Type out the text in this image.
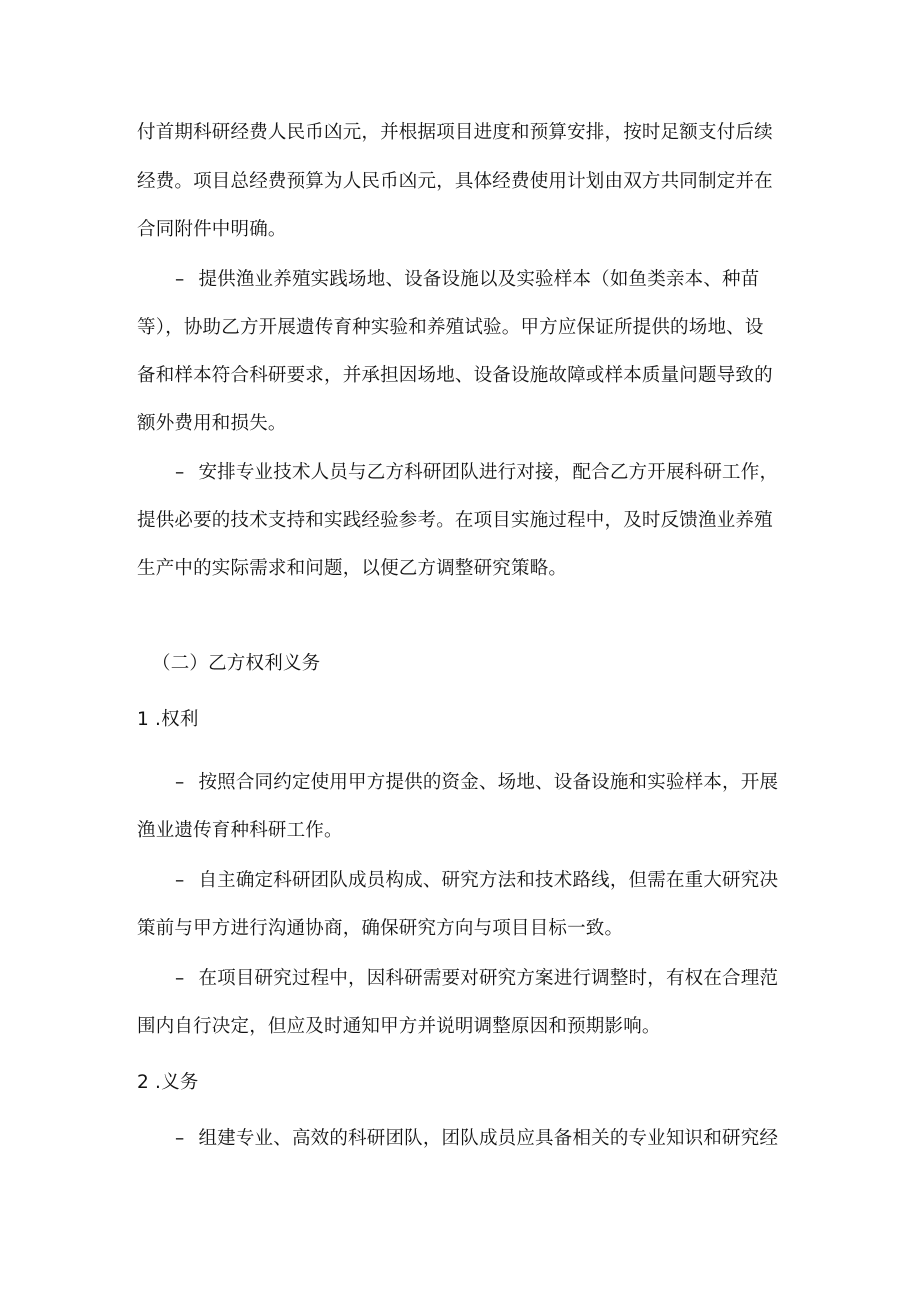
付首期科研经费人民币凶元，并根据项目进度和预算安排，按时足额支付后续
经费。项目总经费预算为人民币凶元，具体经费使用计划由双方共同制定并在
合同附件中明确。
– 提供渔业养殖实践场地、设备设施以及实验样本（如鱼类亲本、种苗
等），协助乙方开展遗传育种实验和养殖试验。甲方应保证所提供的场地、设
备和样本符合科研要求，并承担因场地、设备设施故障或样本质量问题导致的
额外费用和损失。
– 安排专业技术人员与乙方科研团队进行对接，配合乙方开展科研工作，
提供必要的技术支持和实践经验参考。在项目实施过程中，及时反馈渔业养殖
生产中的实际需求和问题，以便乙方调整研究策略。
（二）乙方权利义务
1 .权利
– 按照合同约定使用甲方提供的资金、场地、设备设施和实验样本，开展
渔业遗传育种科研工作。
– 自主确定科研团队成员构成、研究方法和技术路线，但需在重大研究决
策前与甲方进行沟通协商，确保研究方向与项目目标一致。
– 在项目研究过程中，因科研需要对研究方案进行调整时，有权在合理范
围内自行决定，但应及时通知甲方并说明调整原因和预期影响。
2 .义务
– 组建专业、高效的科研团队，团队成员应具备相关的专业知识和研究经
